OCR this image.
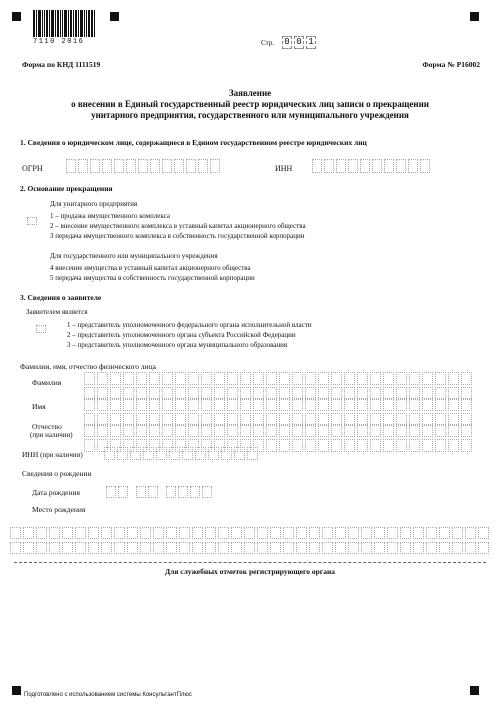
7110 2016	Стр. 0 0 1
Форма по КНД 1111519	Форма № Р16002
Заявление
о внесении в Единый государственный реестр юридических лиц записи о прекращении
унитарного предприятия, государственного или муниципального учреждения
1. Сведения о юридическом лице, содержащиеся в Едином государственном реестре юридических лиц
ОГРН	ИНН
2. Основание прекращения
Для унитарного предприятия
1 – продажа имущественного комплекса
2 – внесение имущественного комплекса в уставный капитал акционерного общества
3 передача имущественного комплекса в собственность государственной корпорации
Для государственного или муниципального учреждения
4 внесение имущества в уставный капитал акционерного общества
5 передача имущества в собственность государственной корпорации
3. Сведения о заявителе
Заявителем является
1 – представитель уполномоченного федерального органа исполнительной власти
2 – представитель уполномоченного органа субъекта Российской Федерации
3 – представитель уполномоченного органа муниципального образования
Фамилия, имя, отчество физического лица
Фамилия
Имя
Отчество
(при наличии)
ИНН (при наличии)
Сведения о рождении
Дата рождения
Место рождения
Для служебных отметок регистрирующего органа
Подготовлено с использованием системы КонсультантПлюс
